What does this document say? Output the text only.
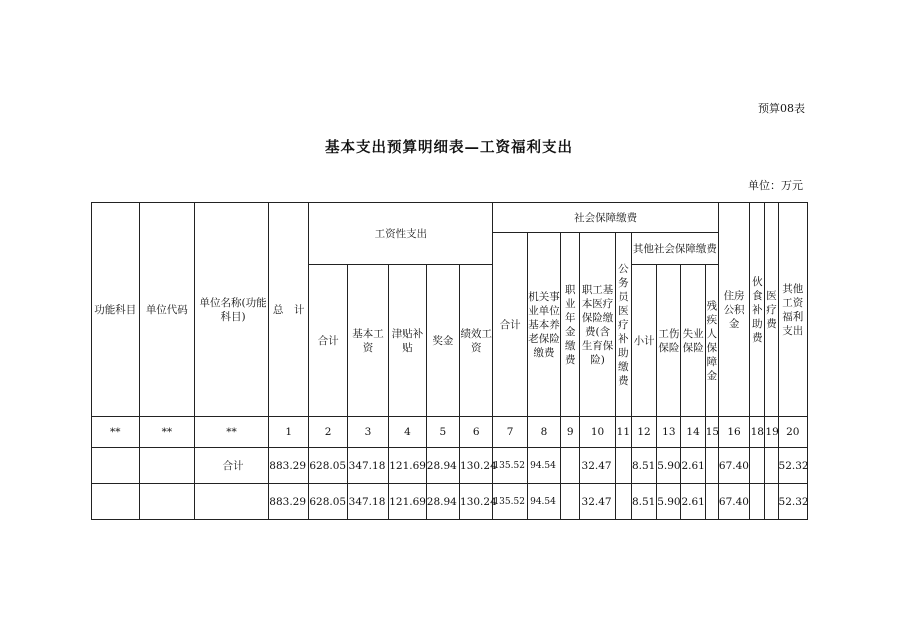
预算08表
基本支出预算明细表—工资福利支出
单位：万元
功能科目	单位代码	单位名称(功能科目)	总　计	工资性支出					社会保障缴费									住房公积金	伙食补助费	医疗费	其他工资福利支出
									合计	机关事业单位基本养老保险缴费	职业年金缴费	职工基本医疗保险缴费(含生育保险)	公务员医疗补助缴费	其他社会保障缴费							
				合计	基本工资	津贴补贴	奖金	绩效工资						小计	工伤保险	失业保险	残疾人保障金				
**	**	**	1	2	3	4	5	6	7	8	9	10	11	12	13	14	15	16	18	19	20
		合计	883.29	628.05	347.18	121.69	28.94	130.24	135.52	94.54		32.47		8.51	5.90	2.61		67.40			52.32
			883.29	628.05	347.18	121.69	28.94	130.24	135.52	94.54		32.47		8.51	5.90	2.61		67.40			52.32
